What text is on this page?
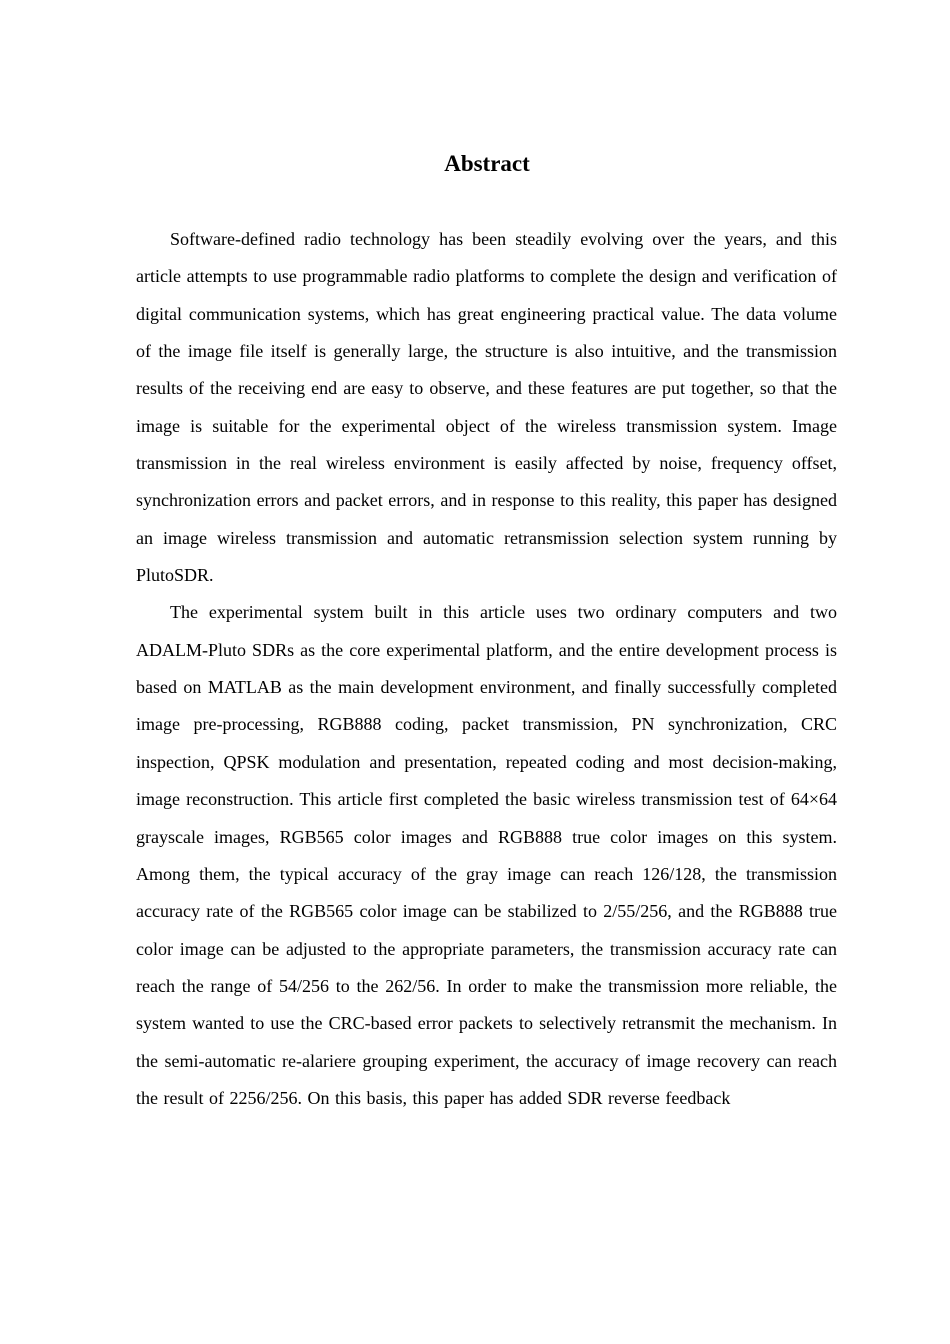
Abstract

Software-defined radio technology has been steadily evolving over the years, and this article attempts to use programmable radio platforms to complete the design and verification of digital communication systems, which has great engineering practical value. The data volume of the image file itself is generally large, the structure is also intuitive, and the transmission results of the receiving end are easy to observe, and these features are put together, so that the image is suitable for the experimental object of the wireless transmission system. Image transmission in the real wireless environment is easily affected by noise, frequency offset, synchronization errors and packet errors, and in response to this reality, this paper has designed an image wireless transmission and automatic retransmission selection system running by PlutoSDR.

The experimental system built in this article uses two ordinary computers and two ADALM-Pluto SDRs as the core experimental platform, and the entire development process is based on MATLAB as the main development environment, and finally successfully completed image pre-processing, RGB888 coding, packet transmission, PN synchronization, CRC inspection, QPSK modulation and presentation, repeated coding and most decision-making, image reconstruction. This article first completed the basic wireless transmission test of 64×64 grayscale images, RGB565 color images and RGB888 true color images on this system. Among them, the typical accuracy of the gray image can reach 126/128, the transmission accuracy rate of the RGB565 color image can be stabilized to 2/55/256, and the RGB888 true color image can be adjusted to the appropriate parameters, the transmission accuracy rate can reach the range of 54/256 to the 262/56. In order to make the transmission more reliable, the system wanted to use the CRC-based error packets to selectively retransmit the mechanism. In the semi-automatic re-alariere grouping experiment, the accuracy of image recovery can reach the result of 2256/256. On this basis, this paper has added SDR reverse feedback
